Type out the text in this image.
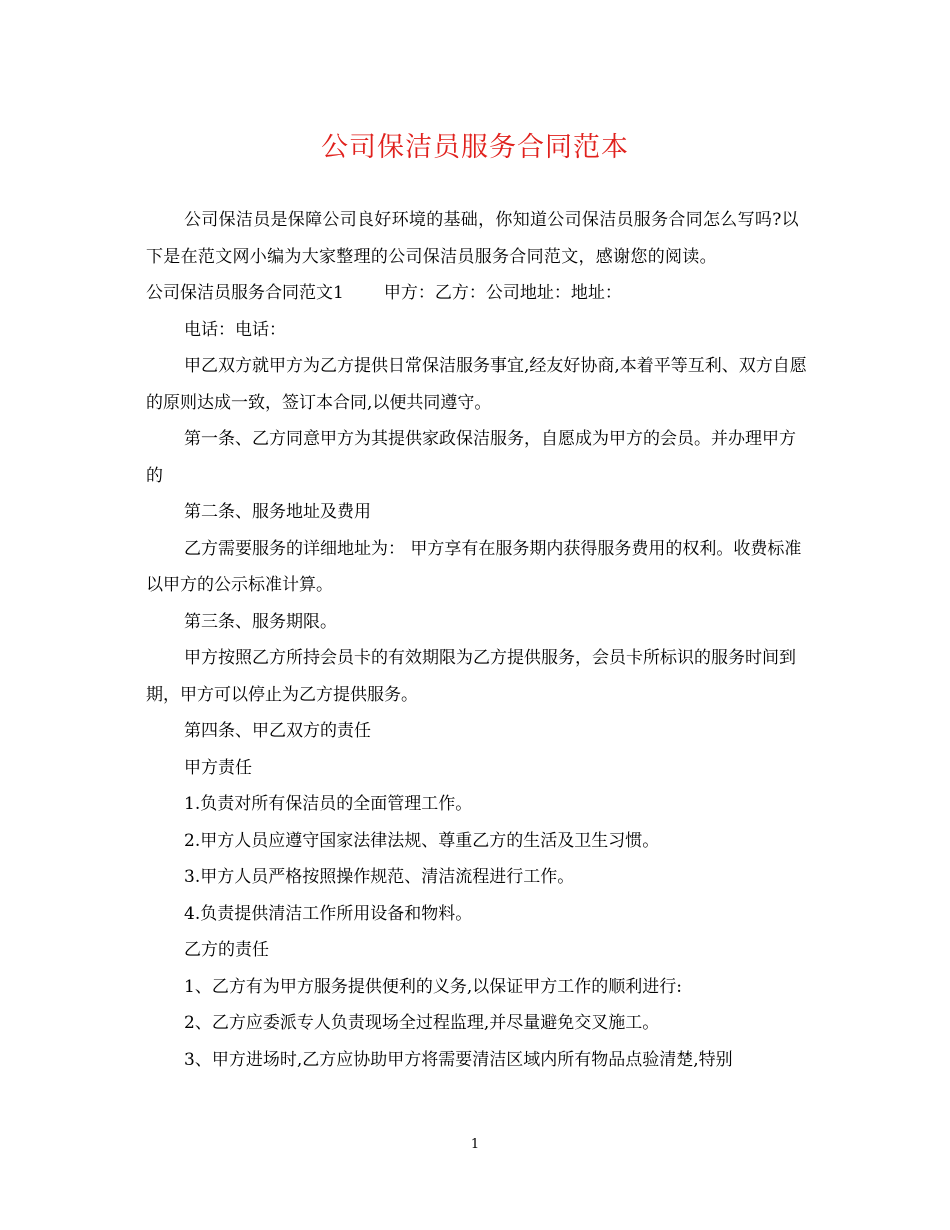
公司保洁员服务合同范本

公司保洁员是保障公司良好环境的基础，你知道公司保洁员服务合同怎么写吗?以下是在范文网小编为大家整理的公司保洁员服务合同范文，感谢您的阅读。

公司保洁员服务合同范文1 甲方：乙方：公司地址：地址：

电话：电话：

甲乙双方就甲方为乙方提供日常保洁服务事宜,经友好协商,本着平等互利、双方自愿的原则达成一致，签订本合同,以便共同遵守。

第一条、乙方同意甲方为其提供家政保洁服务，自愿成为甲方的会员。并办理甲方的

第二条、服务地址及费用

乙方需要服务的详细地址为： 甲方享有在服务期内获得服务费用的权利。收费标准以甲方的公示标准计算。

第三条、服务期限。

甲方按照乙方所持会员卡的有效期限为乙方提供服务，会员卡所标识的服务时间到期，甲方可以停止为乙方提供服务。

第四条、甲乙双方的责任

甲方责任

1.负责对所有保洁员的全面管理工作。

2.甲方人员应遵守国家法律法规、尊重乙方的生活及卫生习惯。

3.甲方人员严格按照操作规范、清洁流程进行工作。

4.负责提供清洁工作所用设备和物料。

乙方的责任

1、乙方有为甲方服务提供便利的义务,以保证甲方工作的顺利进行:

2、乙方应委派专人负责现场全过程监理,并尽量避免交叉施工。

3、甲方进场时,乙方应协助甲方将需要清洁区域内所有物品点验清楚,特别

1
